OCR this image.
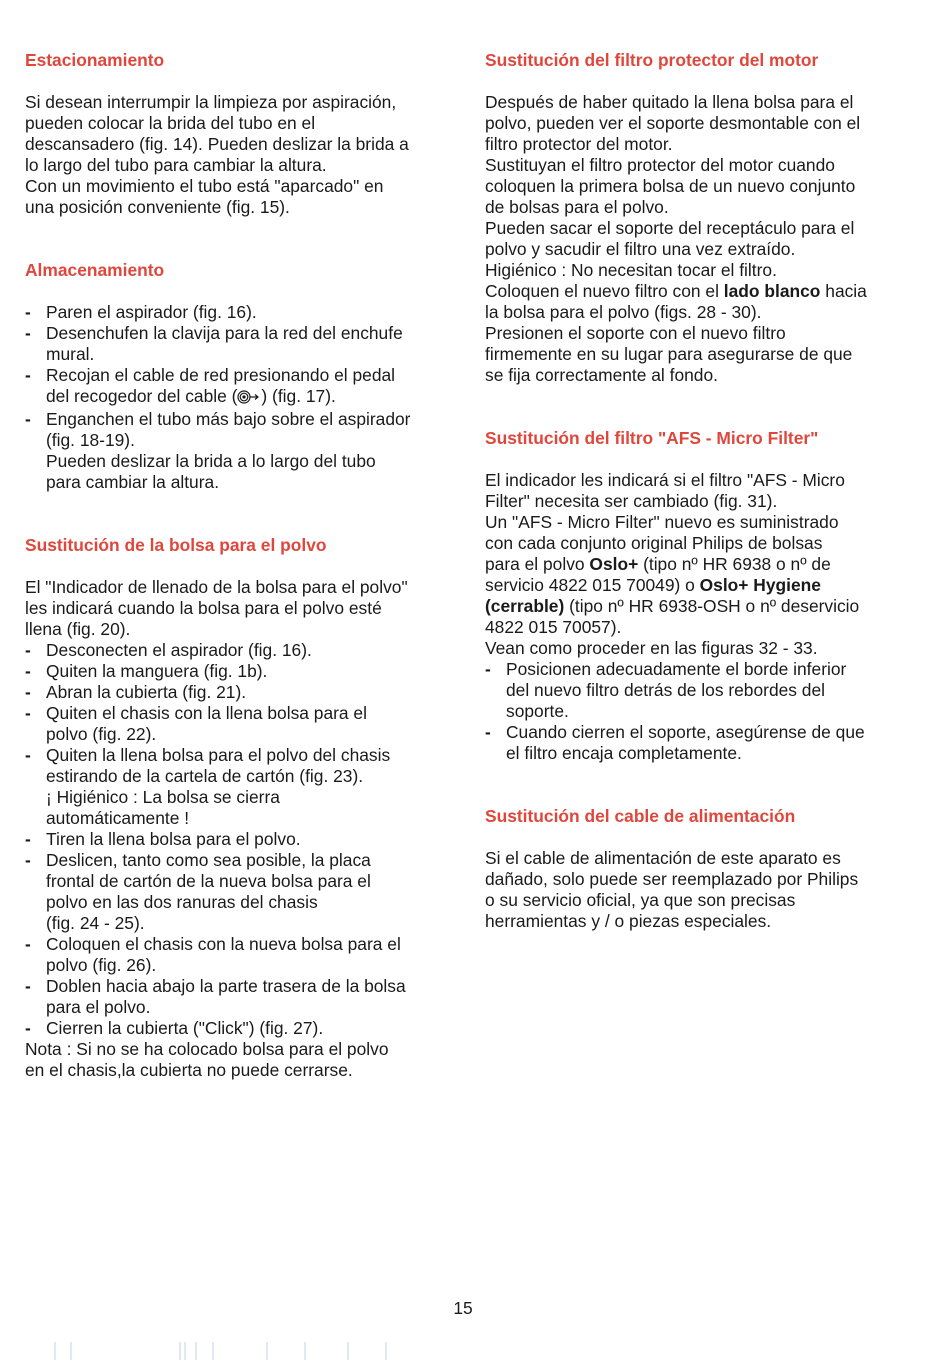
Estacionamiento

Si desean interrumpir la limpieza por aspiración,
pueden colocar la brida del tubo en el
descansadero (fig. 14). Pueden deslizar la brida a
lo largo del tubo para cambiar la altura.
Con un movimiento el tubo está "aparcado" en
una posición conveniente (fig. 15).

Almacenamiento
- Paren el aspirador (fig. 16).
- Desenchufen la clavija para la red del enchufe
mural.
- Recojan el cable de red presionando el pedal
del recogedor del cable ( ) (fig. 17).
- Enganchen el tubo más bajo sobre el aspirador
(fig. 18-19).
Pueden deslizar la brida a lo largo del tubo
para cambiar la altura.
Sustitución de la bolsa para el polvo

El "Indicador de llenado de la bolsa para el polvo"
les indicará cuando la bolsa para el polvo esté
llena (fig. 20).

- Desconecten el aspirador (fig. 16).
- Quiten la manguera (fig. 1b).
- Abran la cubierta (fig. 21).
- Quiten el chasis con la llena bolsa para el
polvo (fig. 22).
- Quiten la llena bolsa para el polvo del chasis
estirando de la cartela de cartón (fig. 23).
¡ Higiénico : La bolsa se cierra
automáticamente !
- Tiren la llena bolsa para el polvo.
- Deslicen, tanto como sea posible, la placa
frontal de cartón de la nueva bolsa para el
polvo en las dos ranuras del chasis
(fig. 24 - 25).
- Coloquen el chasis con la nueva bolsa para el
polvo (fig. 26).
- Doblen hacia abajo la parte trasera de la bolsa
para el polvo.
- Cierren la cubierta ("Click") (fig. 27).

Nota : Si no se ha colocado bolsa para el polvo
en el chasis,la cubierta no puede cerrarse.

Sustitución del filtro protector del motor

Después de haber quitado la llena bolsa para el
polvo, pueden ver el soporte desmontable con el
filtro protector del motor.
Sustituyan el filtro protector del motor cuando
coloquen la primera bolsa de un nuevo conjunto
de bolsas para el polvo.
Pueden sacar el soporte del receptáculo para el
polvo y sacudir el filtro una vez extraído.
Higiénico : No necesitan tocar el filtro.
Coloquen el nuevo filtro con el lado blanco hacia
la bolsa para el polvo (figs. 28 - 30).
Presionen el soporte con el nuevo filtro
firmemente en su lugar para asegurarse de que
se fija correctamente al fondo.

Sustitución del filtro "AFS - Micro Filter"

El indicador les indicará si el filtro "AFS - Micro
Filter" necesita ser cambiado (fig. 31).
Un "AFS - Micro Filter" nuevo es suministrado
con cada conjunto original Philips de bolsas
para el polvo Oslo+ (tipo nº HR 6938 o nº de
servicio 4822 015 70049) o Oslo+ Hygiene
(cerrable) (tipo nº HR 6938-OSH o nº deservicio
4822 015 70057).
Vean como proceder en las figuras 32 - 33.

- Posicionen adecuadamente el borde inferior
del nuevo filtro detrás de los rebordes del
soporte.
- Cuando cierren el soporte, asegúrense de que
el filtro encaja completamente.
Sustitución del cable de alimentación

Si el cable de alimentación de este aparato es
dañado, solo puede ser reemplazado por Philips
o su servicio oficial, ya que son precisas
herramientas y / o piezas especiales.

15
